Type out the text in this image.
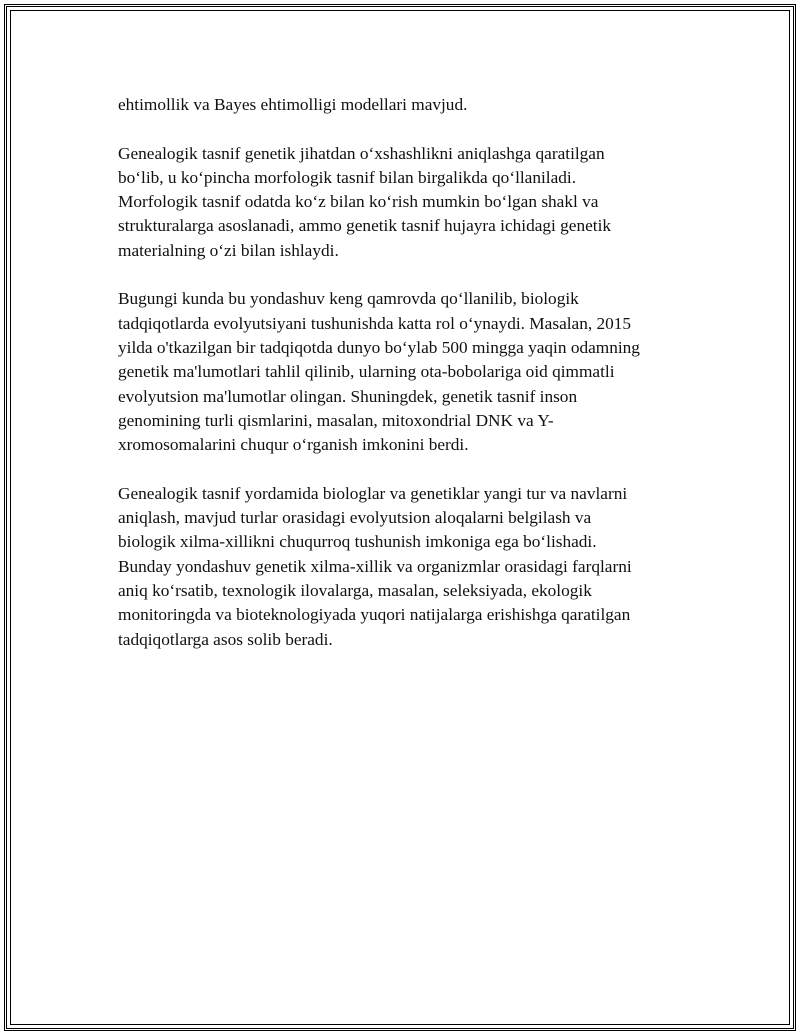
ehtimollik va Bayes ehtimolligi modellari mavjud.

Genealogik tasnif genetik jihatdan o‘xshashlikni aniqlashga qaratilgan
bo‘lib, u ko‘pincha morfologik tasnif bilan birgalikda qo‘llaniladi.
Morfologik tasnif odatda ko‘z bilan ko‘rish mumkin bo‘lgan shakl va
strukturalarga asoslanadi, ammo genetik tasnif hujayra ichidagi genetik
materialning o‘zi bilan ishlaydi.

Bugungi kunda bu yondashuv keng qamrovda qo‘llanilib, biologik
tadqiqotlarda evolyutsiyani tushunishda katta rol o‘ynaydi. Masalan, 2015
yilda o'tkazilgan bir tadqiqotda dunyo bo‘ylab 500 mingga yaqin odamning
genetik ma'lumotlari tahlil qilinib, ularning ota-bobolariga oid qimmatli
evolyutsion ma'lumotlar olingan. Shuningdek, genetik tasnif inson
genomining turli qismlarini, masalan, mitoxondrial DNK va Y-
xromosomalarini chuqur o‘rganish imkonini berdi.

Genealogik tasnif yordamida biologlar va genetiklar yangi tur va navlarni
aniqlash, mavjud turlar orasidagi evolyutsion aloqalarni belgilash va
biologik xilma-xillikni chuqurroq tushunish imkoniga ega bo‘lishadi.
Bunday yondashuv genetik xilma-xillik va organizmlar orasidagi farqlarni
aniq ko‘rsatib, texnologik ilovalarga, masalan, seleksiyada, ekologik
monitoringda va bioteknologiyada yuqori natijalarga erishishga qaratilgan
tadqiqotlarga asos solib beradi.
